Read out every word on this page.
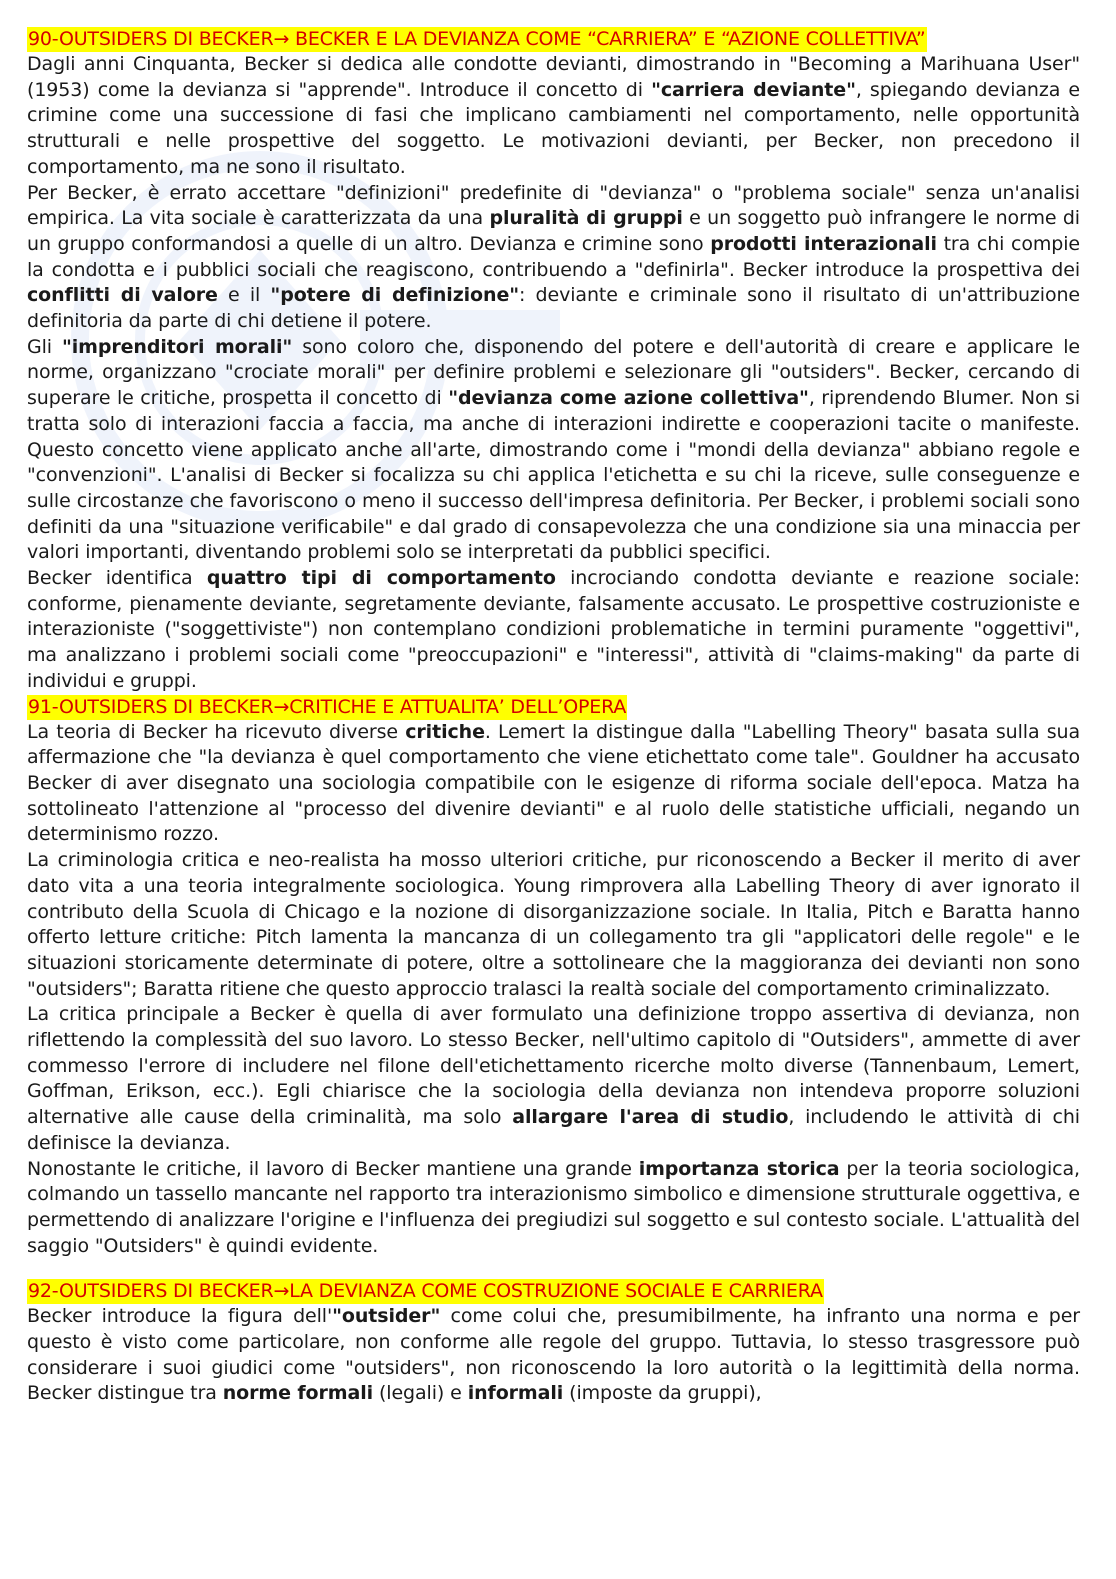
90-OUTSIDERS DI BECKER→ BECKER E LA DEVIANZA COME “CARRIERA” E “AZIONE COLLETTIVA”

Dagli anni Cinquanta, Becker si dedica alle condotte devianti, dimostrando in "Becoming a Marihuana User" (1953) come la devianza si "apprende". Introduce il concetto di "carriera deviante", spiegando devianza e crimine come una successione di fasi che implicano cambiamenti nel comportamento, nelle opportunità strutturali e nelle prospettive del soggetto. Le motivazioni devianti, per Becker, non precedono il comportamento, ma ne sono il risultato.

Per Becker, è errato accettare "definizioni" predefinite di "devianza" o "problema sociale" senza un'analisi empirica. La vita sociale è caratterizzata da una pluralità di gruppi e un soggetto può infrangere le norme di un gruppo conformandosi a quelle di un altro. Devianza e crimine sono prodotti interazionali tra chi compie la condotta e i pubblici sociali che reagiscono, contribuendo a "definirla". Becker introduce la prospettiva dei conflitti di valore e il "potere di definizione": deviante e criminale sono il risultato di un'attribuzione definitoria da parte di chi detiene il potere.

Gli "imprenditori morali" sono coloro che, disponendo del potere e dell'autorità di creare e applicare le norme, organizzano "crociate morali" per definire problemi e selezionare gli "outsiders". Becker, cercando di superare le critiche, prospetta il concetto di "devianza come azione collettiva", riprendendo Blumer. Non si tratta solo di interazioni faccia a faccia, ma anche di interazioni indirette e cooperazioni tacite o manifeste. Questo concetto viene applicato anche all'arte, dimostrando come i "mondi della devianza" abbiano regole e "convenzioni". L'analisi di Becker si focalizza su chi applica l'etichetta e su chi la riceve, sulle conseguenze e sulle circostanze che favoriscono o meno il successo dell'impresa definitoria. Per Becker, i problemi sociali sono definiti da una "situazione verificabile" e dal grado di consapevolezza che una condizione sia una minaccia per valori importanti, diventando problemi solo se interpretati da pubblici specifici.

Becker identifica quattro tipi di comportamento incrociando condotta deviante e reazione sociale: conforme, pienamente deviante, segretamente deviante, falsamente accusato. Le prospettive costruzioniste e interazioniste ("soggettiviste") non contemplano condizioni problematiche in termini puramente "oggettivi", ma analizzano i problemi sociali come "preoccupazioni" e "interessi", attività di "claims-making" da parte di individui e gruppi.

91-OUTSIDERS DI BECKER→CRITICHE E ATTUALITA’ DELL’OPERA

La teoria di Becker ha ricevuto diverse critiche. Lemert la distingue dalla "Labelling Theory" basata sulla sua affermazione che "la devianza è quel comportamento che viene etichettato come tale". Gouldner ha accusato Becker di aver disegnato una sociologia compatibile con le esigenze di riforma sociale dell'epoca. Matza ha sottolineato l'attenzione al "processo del divenire devianti" e al ruolo delle statistiche ufficiali, negando un determinismo rozzo.

La criminologia critica e neo-realista ha mosso ulteriori critiche, pur riconoscendo a Becker il merito di aver dato vita a una teoria integralmente sociologica. Young rimprovera alla Labelling Theory di aver ignorato il contributo della Scuola di Chicago e la nozione di disorganizzazione sociale. In Italia, Pitch e Baratta hanno offerto letture critiche: Pitch lamenta la mancanza di un collegamento tra gli "applicatori delle regole" e le situazioni storicamente determinate di potere, oltre a sottolineare che la maggioranza dei devianti non sono "outsiders"; Baratta ritiene che questo approccio tralasci la realtà sociale del comportamento criminalizzato.

La critica principale a Becker è quella di aver formulato una definizione troppo assertiva di devianza, non riflettendo la complessità del suo lavoro. Lo stesso Becker, nell'ultimo capitolo di "Outsiders", ammette di aver commesso l'errore di includere nel filone dell'etichettamento ricerche molto diverse (Tannenbaum, Lemert, Goffman, Erikson, ecc.). Egli chiarisce che la sociologia della devianza non intendeva proporre soluzioni alternative alle cause della criminalità, ma solo allargare l'area di studio, includendo le attività di chi definisce la devianza.

Nonostante le critiche, il lavoro di Becker mantiene una grande importanza storica per la teoria sociologica, colmando un tassello mancante nel rapporto tra interazionismo simbolico e dimensione strutturale oggettiva, e permettendo di analizzare l'origine e l'influenza dei pregiudizi sul soggetto e sul contesto sociale. L'attualità del saggio "Outsiders" è quindi evidente.

92-OUTSIDERS DI BECKER→LA DEVIANZA COME COSTRUZIONE SOCIALE E CARRIERA

Becker introduce la figura dell'"outsider" come colui che, presumibilmente, ha infranto una norma e per questo è visto come particolare, non conforme alle regole del gruppo. Tuttavia, lo stesso trasgressore può considerare i suoi giudici come "outsiders", non riconoscendo la loro autorità o la legittimità della norma. Becker distingue tra norme formali (legali) e informali (imposte da gruppi),
